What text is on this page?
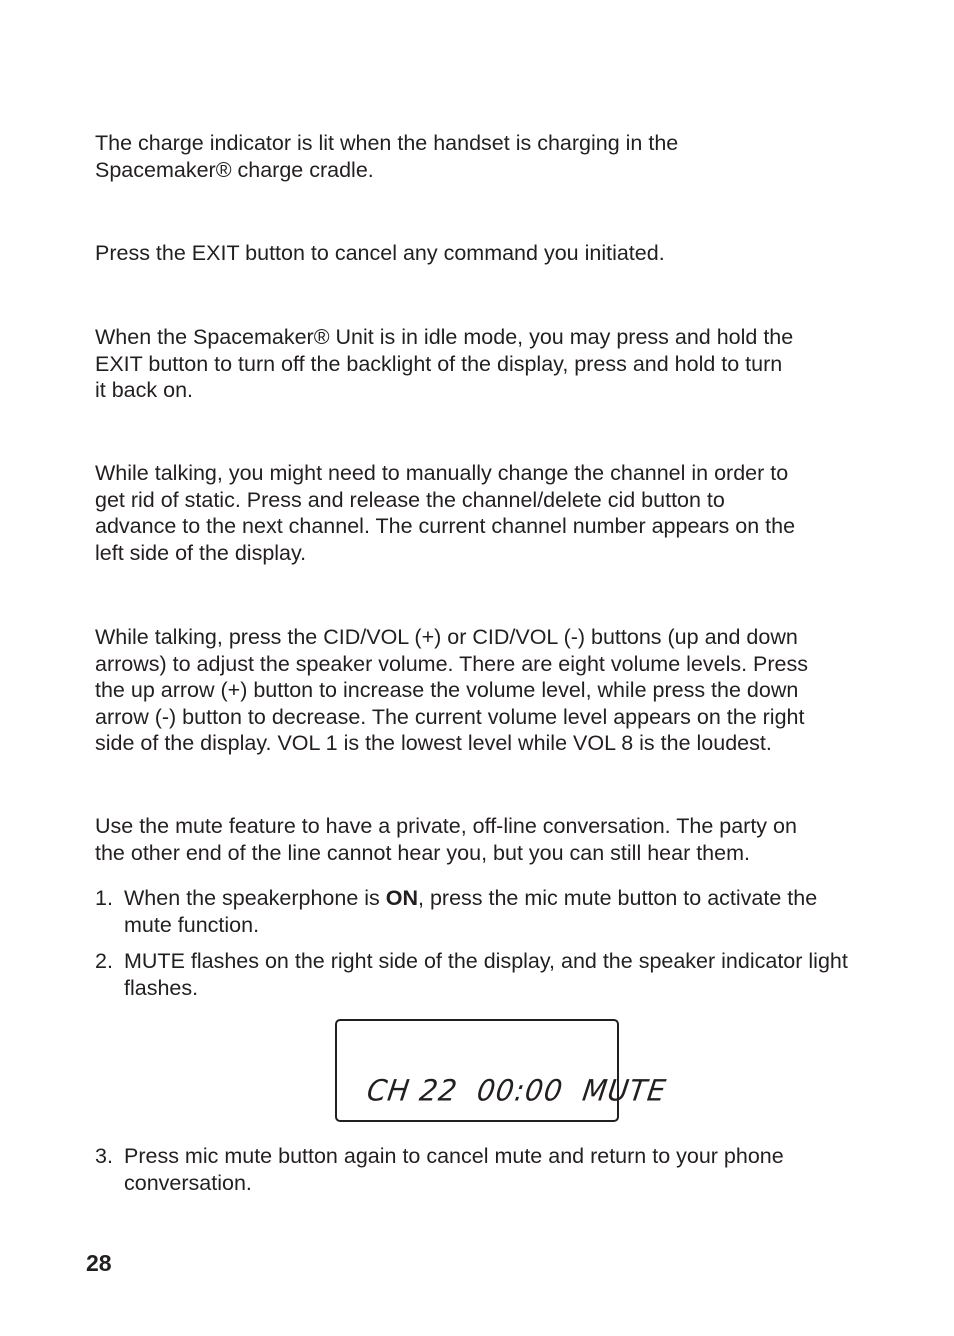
The charge indicator is lit when the handset is charging in the
Spacemaker® charge cradle.

Press the EXIT button to cancel any command you initiated.

When the Spacemaker® Unit is in idle mode, you may press and hold the
EXIT button to turn off the backlight of the display, press and hold to turn
it back on.

While talking, you might need to manually change the channel in order to
get rid of static. Press and release the channel/delete cid button to
advance to the next channel. The current channel number appears on the
left side of the display.

While talking, press the CID/VOL (+) or CID/VOL (-) buttons (up and down
arrows) to adjust the speaker volume. There are eight volume levels. Press
the up arrow (+) button to increase the volume level, while press the down
arrow (-) button to decrease. The current volume level appears on the right
side of the display. VOL 1 is the lowest level while VOL 8 is the loudest.

Use the mute feature to have a private, off-line conversation. The party on
the other end of the line cannot hear you, but you can still hear them.

1. When the speakerphone is ON, press the mic mute button to activate the mute function.
2. MUTE flashes on the right side of the display, and the speaker indicator light flashes.
CH 22  00:00  MUTE
3. Press mic mute button again to cancel mute and return to your phone conversation.
28
